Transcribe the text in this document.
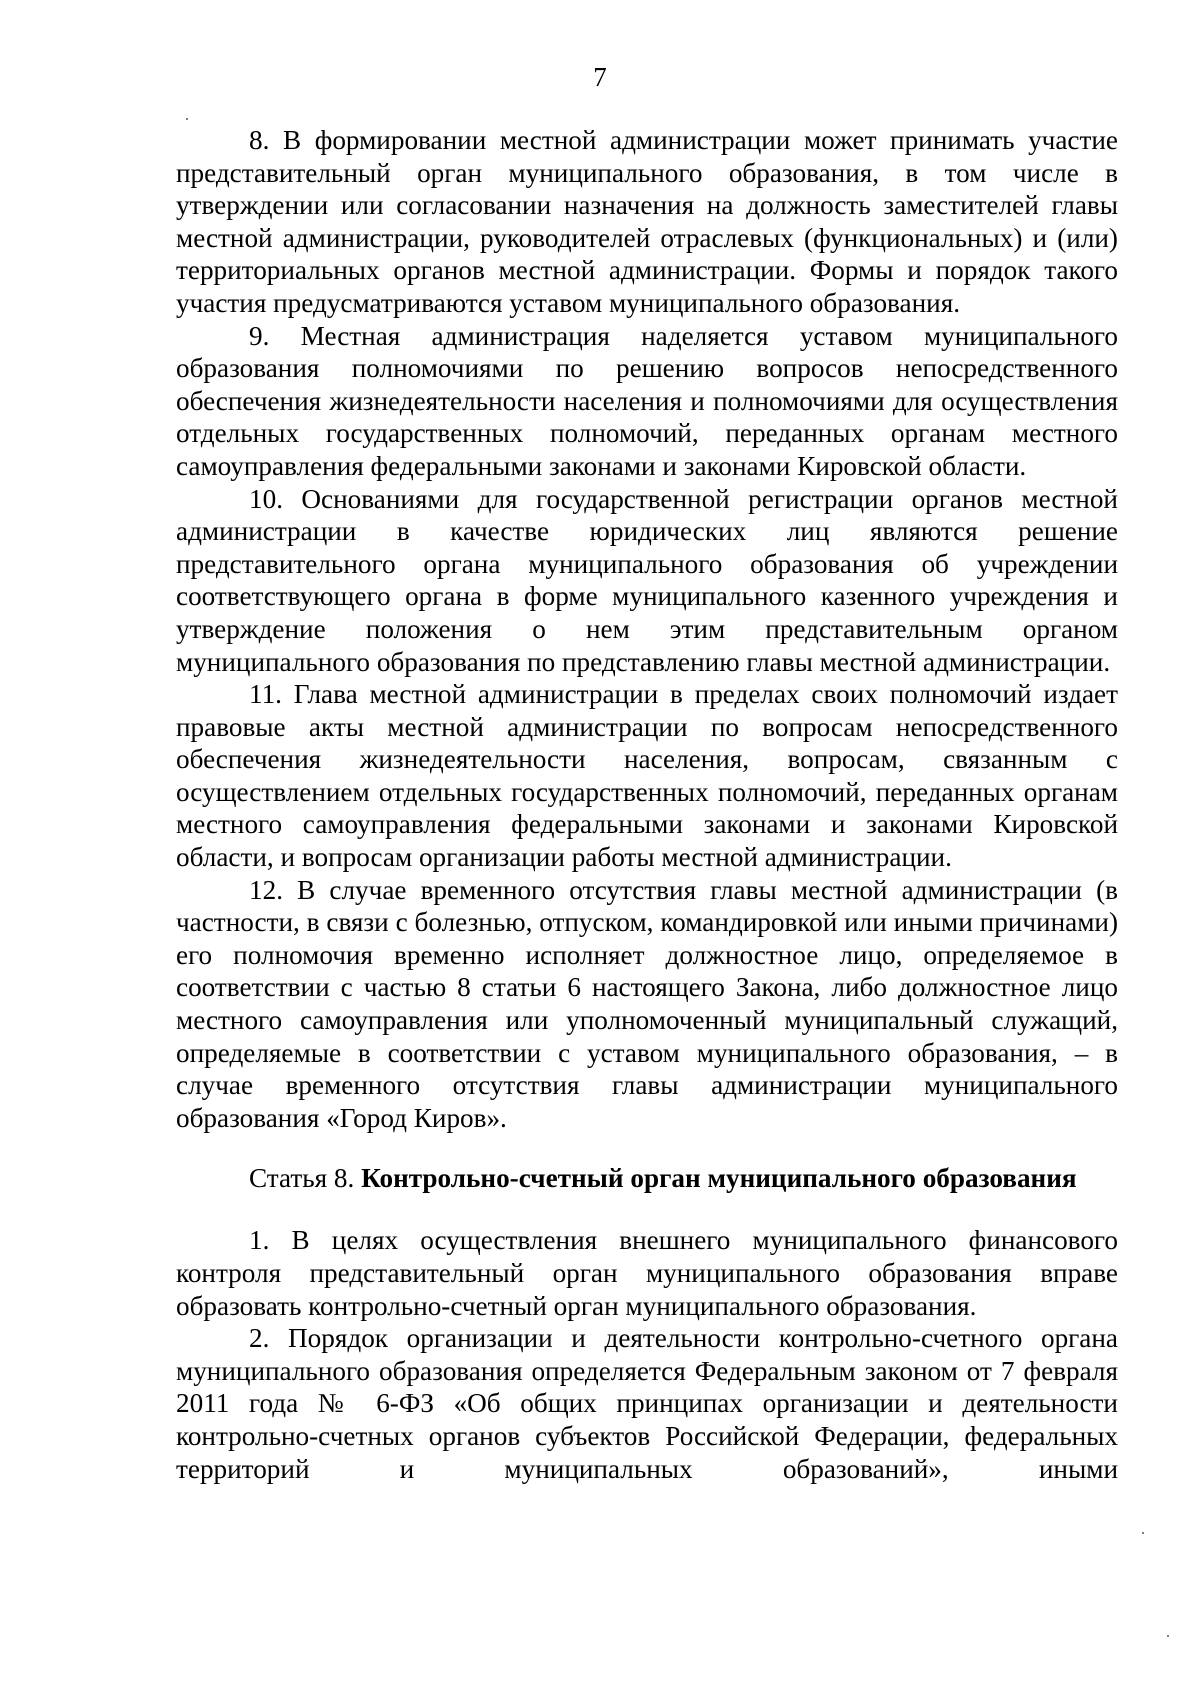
7

8. В формировании местной администрации может принимать участие представительный орган муниципального образования, в том числе в утверждении или согласовании назначения на должность заместителей главы местной администрации, руководителей отраслевых (функциональных) и (или) территориальных органов местной администрации. Формы и порядок такого участия предусматриваются уставом муниципального образования.

9. Местная администрация наделяется уставом муниципального образования полномочиями по решению вопросов непосредственного обеспечения жизнедеятельности населения и полномочиями для осуществления отдельных государственных полномочий, переданных органам местного самоуправления федеральными законами и законами Кировской области.

10. Основаниями для государственной регистрации органов местной администрации в качестве юридических лиц являются решение представительного органа муниципального образования об учреждении соответствующего органа в форме муниципального казенного учреждения и утверждение положения о нем этим представительным органом муниципального образования по представлению главы местной администрации.

11. Глава местной администрации в пределах своих полномочий издает правовые акты местной администрации по вопросам непосредственного обеспечения жизнедеятельности населения, вопросам, связанным с осуществлением отдельных государственных полномочий, переданных органам местного самоуправления федеральными законами и законами Кировской области, и вопросам организации работы местной администрации.

12. В случае временного отсутствия главы местной администрации (в частности, в связи с болезнью, отпуском, командировкой или иными причинами) его полномочия временно исполняет должностное лицо, определяемое в соответствии с частью 8 статьи 6 настоящего Закона, либо должностное лицо местного самоуправления или уполномоченный муниципальный служащий, определяемые в соответствии с уставом муниципального образования, – в случае временного отсутствия главы администрации муниципального образования «Город Киров».

Статья 8. Контрольно-счетный орган муниципального образования

1. В целях осуществления внешнего муниципального финансового контроля представительный орган муниципального образования вправе образовать контрольно-счетный орган муниципального образования.

2. Порядок организации и деятельности контрольно-счетного органа муниципального образования определяется Федеральным законом от 7 февраля 2011 года № 6-ФЗ «Об общих принципах организации и деятельности контрольно-счетных органов субъектов Российской Федерации, федеральных территорий и муниципальных образований», иными
